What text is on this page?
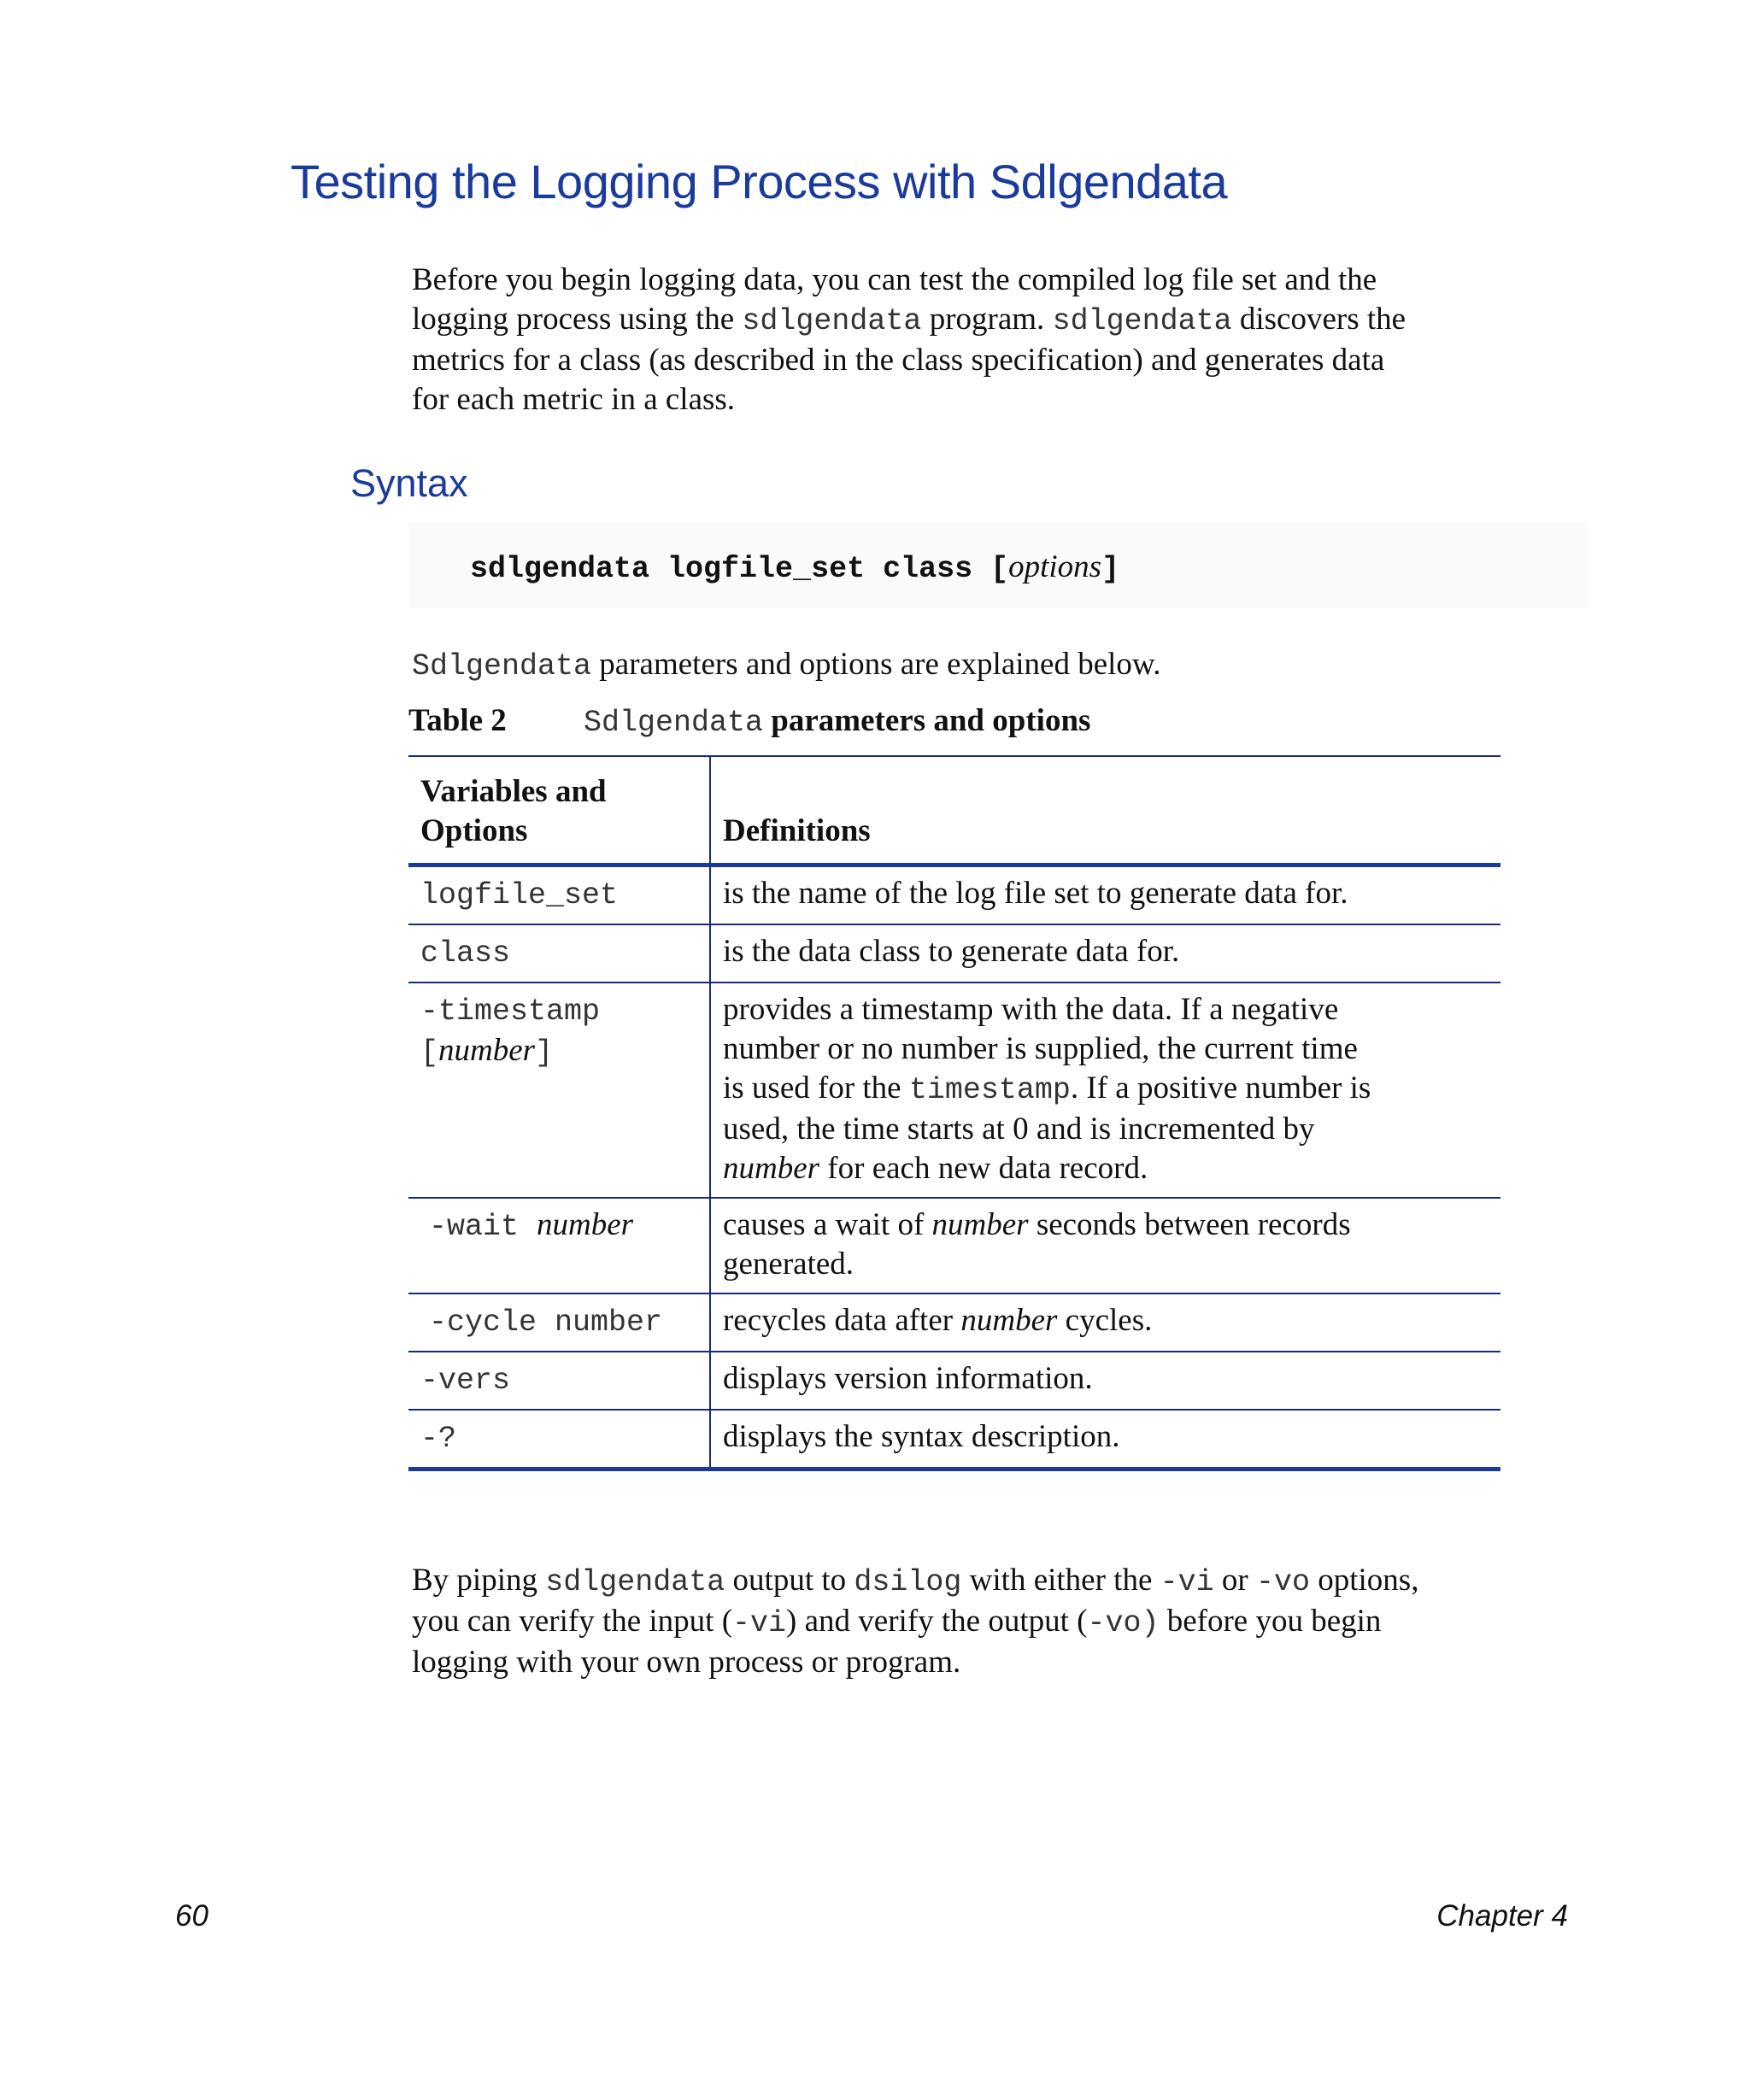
Testing the Logging Process with Sdlgendata

Before you begin logging data, you can test the compiled log file set and the

logging process using the sdlgendata program. sdlgendata discovers the

metrics for a class (as described in the class specification) and generates data

for each metric in a class.

Syntax

sdlgendata logfile_set class [options]

Sdlgendata parameters and options are explained below.

Table 2	Sdlgendata parameters and options

Variables and
Options	Definitions
logfile_set	is the name of the log file set to generate data for.
class	is the data class to generate data for.
-timestamp
[number]	provides a timestamp with the data. If a negative
number or no number is supplied, the current time
is used for the timestamp. If a positive number is
used, the time starts at 0 and is incremented by
number for each new data record.
-wait number	causes a wait of number seconds between records
generated.
-cycle number	recycles data after number cycles.
-vers	displays version information.
-?	displays the syntax description.

By piping sdlgendata output to dsilog with either the -vi or -vo options,

you can verify the input (-vi) and verify the output (-vo) before you begin

logging with your own process or program.

60	Chapter 4
